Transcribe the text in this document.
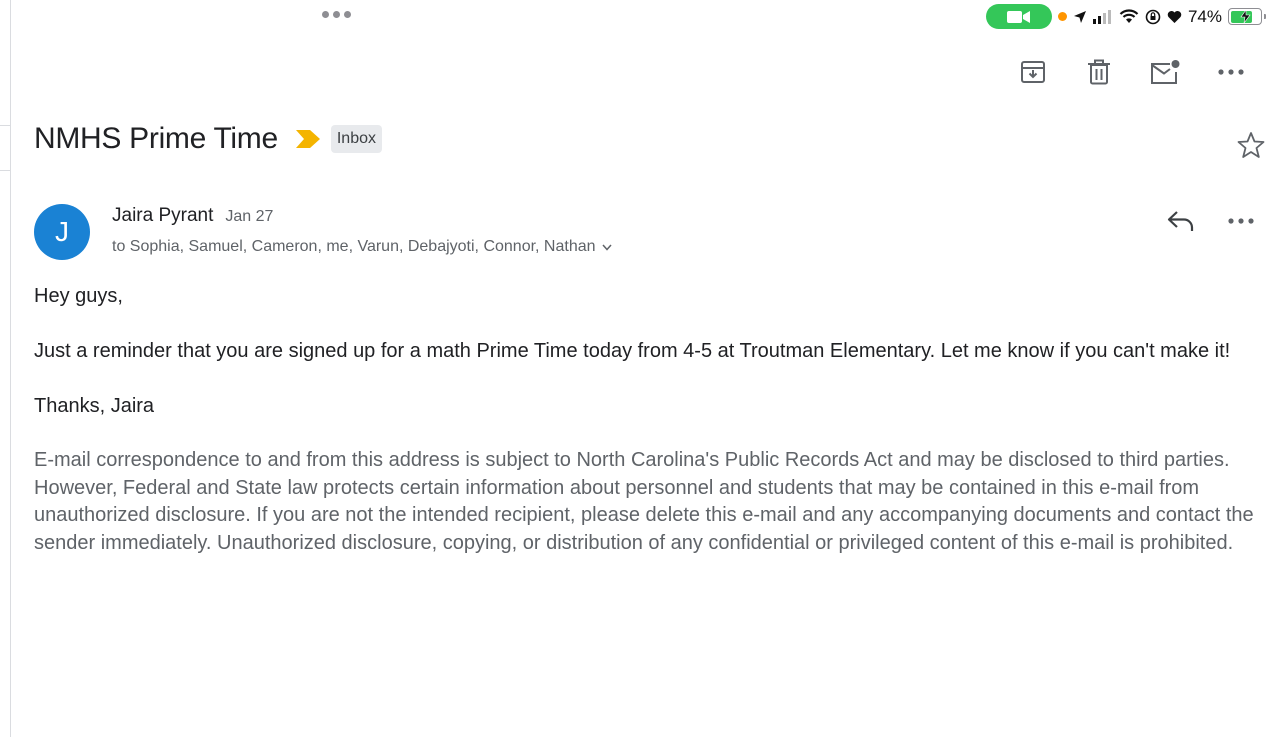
74%
NMHS Prime Time	Inbox
J
Jaira Pyrant Jan 27
to Sophia, Samuel, Cameron, me, Varun, Debajyoti, Connor, Nathan

Hey guys,

Just a reminder that you are signed up for a math Prime Time today from 4-5 at Troutman Elementary. Let me know if you can't make it!

Thanks, Jaira

E-mail correspondence to and from this address is subject to North Carolina's Public Records Act and may be disclosed to third parties. However, Federal and State law protects certain information about personnel and students that may be contained in this e-mail from unauthorized disclosure. If you are not the intended recipient, please delete this e-mail and any accompanying documents and contact the sender immediately. Unauthorized disclosure, copying, or distribution of any confidential or privileged content of this e-mail is prohibited.
